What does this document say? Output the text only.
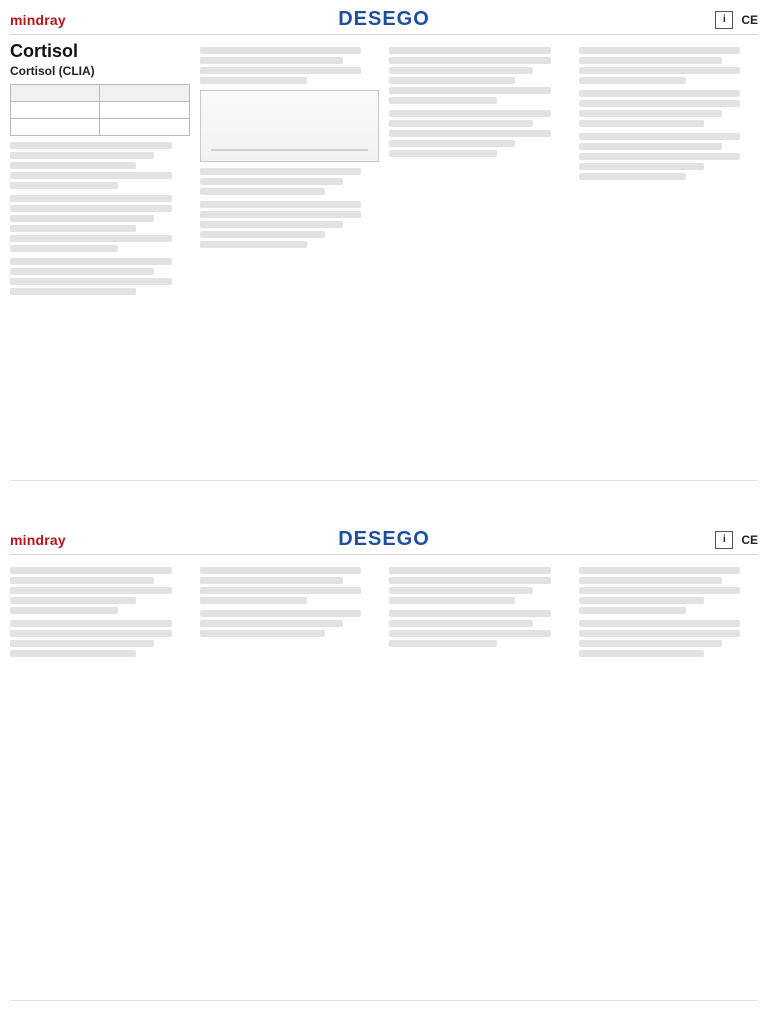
mindray	DESEGO	i	CE
Cortisol
Cortisol (CLIA)

mindray	DESEGO	i	CE
